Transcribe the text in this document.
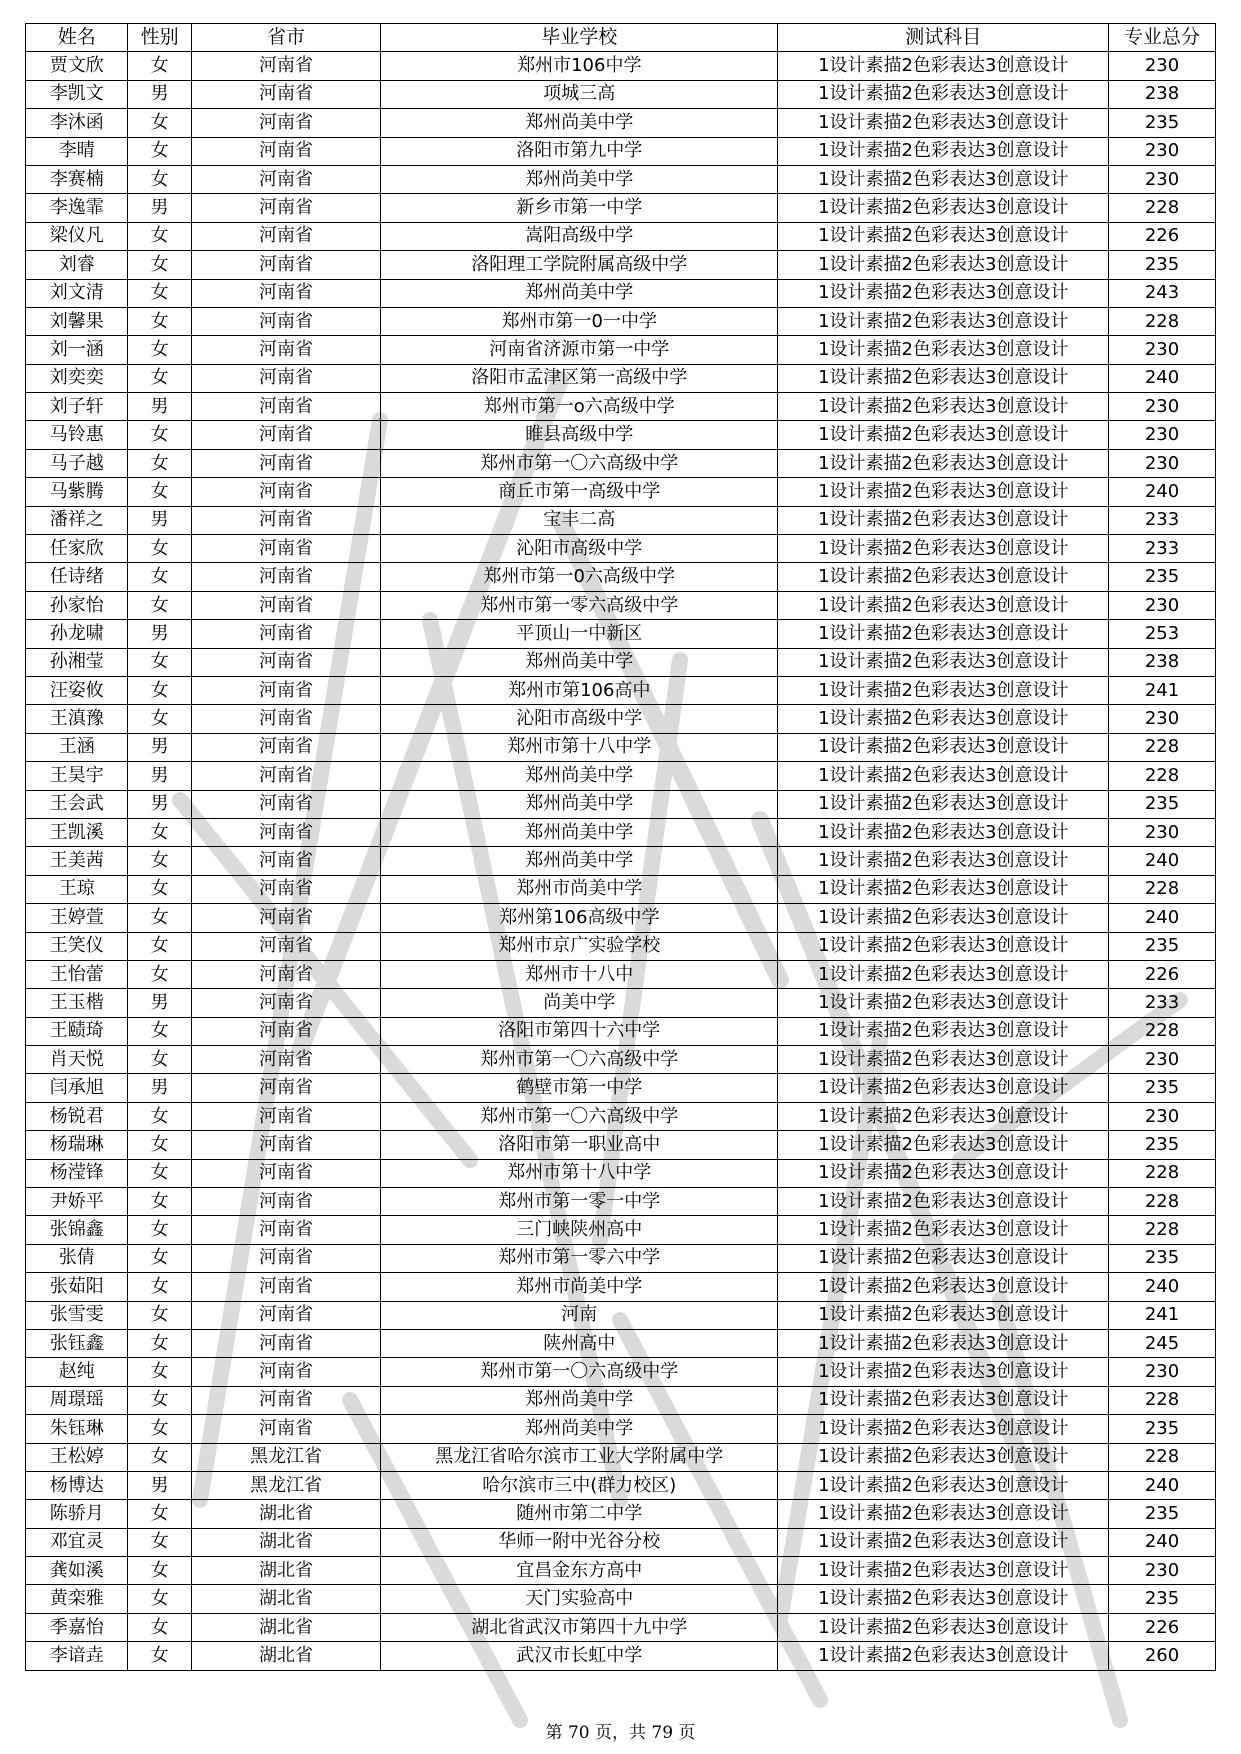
姓名	性别	省市	毕业学校	测试科目	专业总分
贾文欣	女	河南省	郑州市106中学	1设计素描2色彩表达3创意设计	230
李凯文	男	河南省	项城三高	1设计素描2色彩表达3创意设计	238
李沐函	女	河南省	郑州尚美中学	1设计素描2色彩表达3创意设计	235
李晴	女	河南省	洛阳市第九中学	1设计素描2色彩表达3创意设计	230
李赛楠	女	河南省	郑州尚美中学	1设计素描2色彩表达3创意设计	230
李逸霏	男	河南省	新乡市第一中学	1设计素描2色彩表达3创意设计	228
梁仪凡	女	河南省	嵩阳高级中学	1设计素描2色彩表达3创意设计	226
刘睿	女	河南省	洛阳理工学院附属高级中学	1设计素描2色彩表达3创意设计	235
刘文清	女	河南省	郑州尚美中学	1设计素描2色彩表达3创意设计	243
刘馨果	女	河南省	郑州市第一0一中学	1设计素描2色彩表达3创意设计	228
刘一涵	女	河南省	河南省济源市第一中学	1设计素描2色彩表达3创意设计	230
刘奕奕	女	河南省	洛阳市孟津区第一高级中学	1设计素描2色彩表达3创意设计	240
刘子轩	男	河南省	郑州市第一o六高级中学	1设计素描2色彩表达3创意设计	230
马铃惠	女	河南省	睢县高级中学	1设计素描2色彩表达3创意设计	230
马子越	女	河南省	郑州市第一〇六高级中学	1设计素描2色彩表达3创意设计	230
马紫腾	女	河南省	商丘市第一高级中学	1设计素描2色彩表达3创意设计	240
潘祥之	男	河南省	宝丰二高	1设计素描2色彩表达3创意设计	233
任家欣	女	河南省	沁阳市高级中学	1设计素描2色彩表达3创意设计	233
任诗绪	女	河南省	郑州市第一0六高级中学	1设计素描2色彩表达3创意设计	235
孙家怡	女	河南省	郑州市第一零六高级中学	1设计素描2色彩表达3创意设计	230
孙龙啸	男	河南省	平顶山一中新区	1设计素描2色彩表达3创意设计	253
孙湘莹	女	河南省	郑州尚美中学	1设计素描2色彩表达3创意设计	238
汪姿攸	女	河南省	郑州市第106高中	1设计素描2色彩表达3创意设计	241
王滇豫	女	河南省	沁阳市高级中学	1设计素描2色彩表达3创意设计	230
王涵	男	河南省	郑州市第十八中学	1设计素描2色彩表达3创意设计	228
王昊宇	男	河南省	郑州尚美中学	1设计素描2色彩表达3创意设计	228
王会武	男	河南省	郑州尚美中学	1设计素描2色彩表达3创意设计	235
王凯溪	女	河南省	郑州尚美中学	1设计素描2色彩表达3创意设计	230
王美茜	女	河南省	郑州尚美中学	1设计素描2色彩表达3创意设计	240
王琼	女	河南省	郑州市尚美中学	1设计素描2色彩表达3创意设计	228
王婷萱	女	河南省	郑州第106高级中学	1设计素描2色彩表达3创意设计	240
王笑仪	女	河南省	郑州市京广实验学校	1设计素描2色彩表达3创意设计	235
王怡蕾	女	河南省	郑州市十八中	1设计素描2色彩表达3创意设计	226
王玉楷	男	河南省	尚美中学	1设计素描2色彩表达3创意设计	233
王赜琦	女	河南省	洛阳市第四十六中学	1设计素描2色彩表达3创意设计	228
肖天悦	女	河南省	郑州市第一〇六高级中学	1设计素描2色彩表达3创意设计	230
闫承旭	男	河南省	鹤壁市第一中学	1设计素描2色彩表达3创意设计	235
杨锐君	女	河南省	郑州市第一〇六高级中学	1设计素描2色彩表达3创意设计	230
杨瑞琳	女	河南省	洛阳市第一职业高中	1设计素描2色彩表达3创意设计	235
杨滢锋	女	河南省	郑州市第十八中学	1设计素描2色彩表达3创意设计	228
尹娇平	女	河南省	郑州市第一零一中学	1设计素描2色彩表达3创意设计	228
张锦鑫	女	河南省	三门峡陕州高中	1设计素描2色彩表达3创意设计	228
张倩	女	河南省	郑州市第一零六中学	1设计素描2色彩表达3创意设计	235
张茹阳	女	河南省	郑州市尚美中学	1设计素描2色彩表达3创意设计	240
张雪雯	女	河南省	河南	1设计素描2色彩表达3创意设计	241
张钰鑫	女	河南省	陕州高中	1设计素描2色彩表达3创意设计	245
赵纯	女	河南省	郑州市第一〇六高级中学	1设计素描2色彩表达3创意设计	230
周璟瑶	女	河南省	郑州尚美中学	1设计素描2色彩表达3创意设计	228
朱钰琳	女	河南省	郑州尚美中学	1设计素描2色彩表达3创意设计	235
王松婷	女	黑龙江省	黑龙江省哈尔滨市工业大学附属中学	1设计素描2色彩表达3创意设计	228
杨博达	男	黑龙江省	哈尔滨市三中(群力校区)	1设计素描2色彩表达3创意设计	240
陈骄月	女	湖北省	随州市第二中学	1设计素描2色彩表达3创意设计	235
邓宜灵	女	湖北省	华师一附中光谷分校	1设计素描2色彩表达3创意设计	240
龚如溪	女	湖北省	宜昌金东方高中	1设计素描2色彩表达3创意设计	230
黄栾雅	女	湖北省	天门实验高中	1设计素描2色彩表达3创意设计	235
季嘉怡	女	湖北省	湖北省武汉市第四十九中学	1设计素描2色彩表达3创意设计	226
李谙垚	女	湖北省	武汉市长虹中学	1设计素描2色彩表达3创意设计	260
第 70 页，共 79 页
